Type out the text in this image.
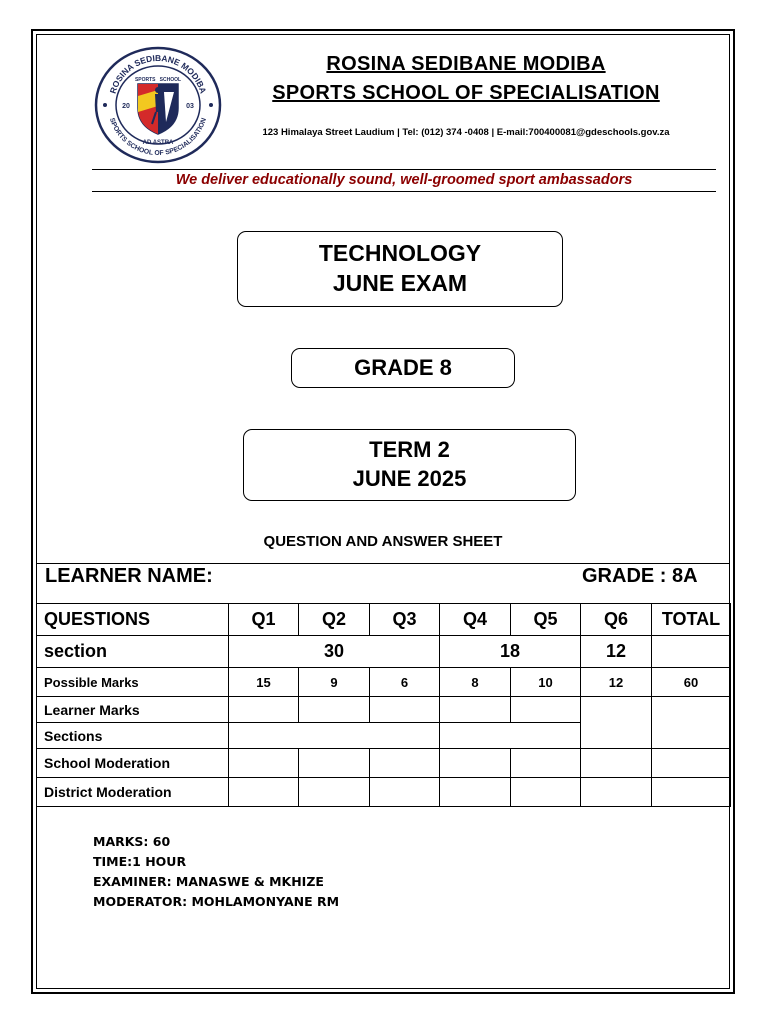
ROSINA SEDIBANE MODIBA
SPORTS SCHOOL OF SPECIALISATION
SPORTS   SCHOOL
20	03
AD ASTRA
ROSINA SEDIBANE MODIBA
SPORTS SCHOOL OF SPECIALISATION
123 Himalaya Street Laudium | Tel: (012) 374 -0408 | E-mail:700400081@gdeschools.gov.za
We deliver educationally sound, well-groomed sport ambassadors
TECHNOLOGY
JUNE EXAM
GRADE 8
TERM 2
JUNE 2025
QUESTION AND ANSWER SHEET
LEARNER NAME:	GRADE : 8A
QUESTIONS	Q1	Q2	Q3	Q4	Q5	Q6	TOTAL
section	30			18		12	
Possible Marks	15	9	6	8	10	12	60
Learner Marks							
Sections							
School Moderation							
District Moderation							
MARKS: 60
TIME:1 HOUR
EXAMINER: MANASWE & MKHIZE
MODERATOR: MOHLAMONYANE RM
